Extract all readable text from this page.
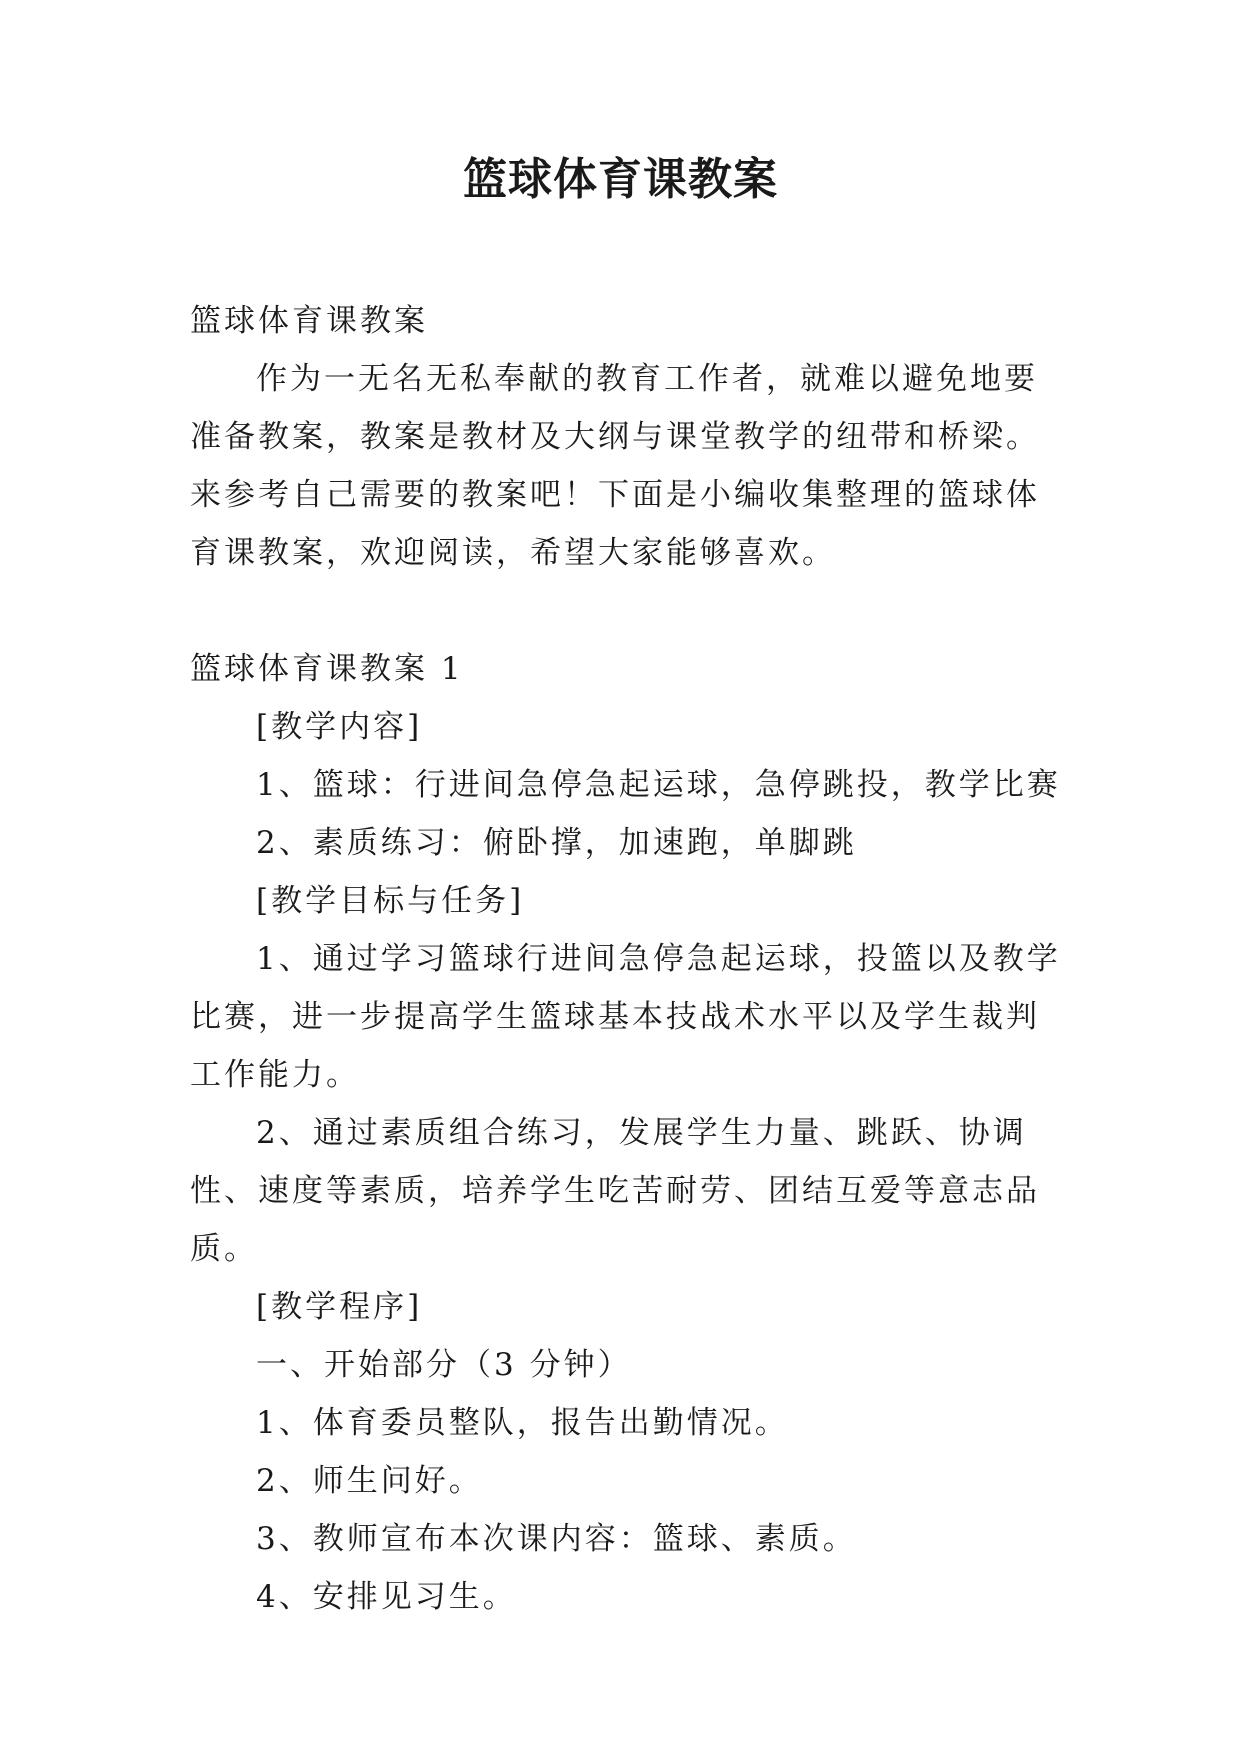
篮球体育课教案

篮球体育课教案

作为一无名无私奉献的教育工作者，就难以避免地要准备教案，教案是教材及大纲与课堂教学的纽带和桥梁。来参考自己需要的教案吧！下面是小编收集整理的篮球体育课教案，欢迎阅读，希望大家能够喜欢。

篮球体育课教案 1

[教学内容]

1、篮球：行进间急停急起运球，急停跳投，教学比赛

2、素质练习：俯卧撑，加速跑，单脚跳

[教学目标与任务]

1、通过学习篮球行进间急停急起运球，投篮以及教学比赛，进一步提高学生篮球基本技战术水平以及学生裁判工作能力。

2、通过素质组合练习，发展学生力量、跳跃、协调性、速度等素质，培养学生吃苦耐劳、团结互爱等意志品质。

[教学程序]

一、开始部分（3 分钟）

1、体育委员整队，报告出勤情况。

2、师生问好。

3、教师宣布本次课内容：篮球、素质。

4、安排见习生。
